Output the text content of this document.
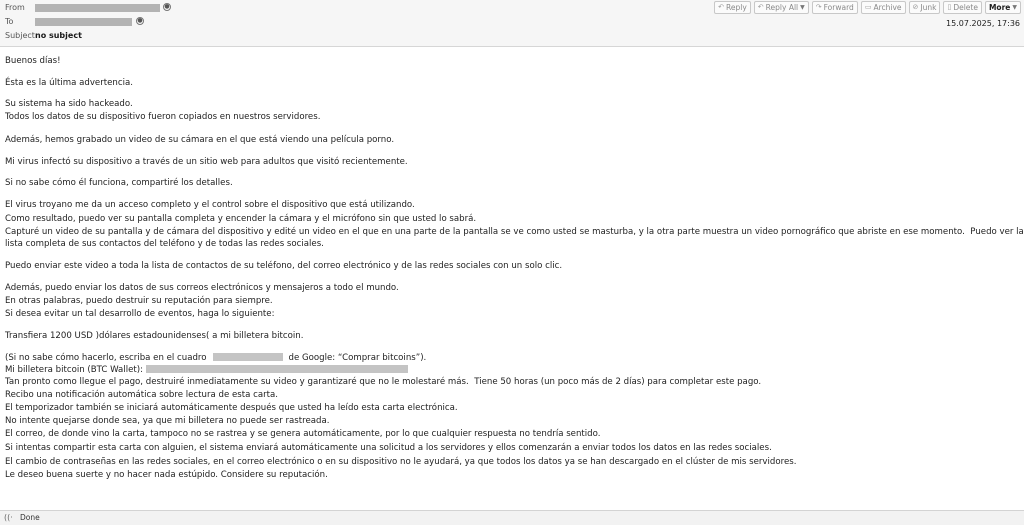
From	●
To	●
Subject no subject
↶ Reply ↶ Reply All ▼ ↷ Forward ▭ Archive ⊘ Junk ▯ Delete More ▼
15.07.2025, 17:36

Buenos días!

Ésta es la última advertencia.

Su sistema ha sido hackeado.

Todos los datos de su dispositivo fueron copiados en nuestros servidores.

Además, hemos grabado un video de su cámara en el que está viendo una película porno.

Mi virus infectó su dispositivo a través de un sitio web para adultos que visitó recientemente.

Si no sabe cómo él funciona, compartiré los detalles.

El virus troyano me da un acceso completo y el control sobre el dispositivo que está utilizando.

Como resultado, puedo ver su pantalla completa y encender la cámara y el micrófono sin que usted lo sabrá.

Capturé un video de su pantalla y de cámara del dispositivo y edité un video en el que en una parte de la pantalla se ve como usted se masturba, y la otra parte muestra un video pornográfico que abriste en ese momento.  Puedo ver la

lista completa de sus contactos del teléfono y de todas las redes sociales.

Puedo enviar este video a toda la lista de contactos de su teléfono, del correo electrónico y de las redes sociales con un solo clic.

Además, puedo enviar los datos de sus correos electrónicos y mensajeros a todo el mundo.

En otras palabras, puedo destruir su reputación para siempre.

Si desea evitar un tal desarrollo de eventos, haga lo siguiente:

Transfiera 1200 USD )dólares estadounidenses( a mi billetera bitcoin.

(Si no sabe cómo hacerlo, escriba en el cuadro	de Google: “Comprar bitcoins”).

Mi billetera bitcoin (BTC Wallet):

Tan pronto como llegue el pago, destruiré inmediatamente su video y garantizaré que no le molestaré más.  Tiene 50 horas (un poco más de 2 días) para completar este pago.

Recibo una notificación automática sobre lectura de esta carta.

El temporizador también se iniciará automáticamente después que usted ha leído esta carta electrónica.

No intente quejarse donde sea, ya que mi billetera no puede ser rastreada.

El correo, de donde vino la carta, tampoco no se rastrea y se genera automáticamente, por lo que cualquier respuesta no tendría sentido.

Si intentas compartir esta carta con alguien, el sistema enviará automáticamente una solicitud a los servidores y ellos comenzarán a enviar todos los datos en las redes sociales.

El cambio de contraseñas en las redes sociales, en el correo electrónico o en su dispositivo no le ayudará, ya que todos los datos ya se han descargado en el clúster de mis servidores.

Le deseo buena suerte y no hacer nada estúpido. Considere su reputación.

((· Done
